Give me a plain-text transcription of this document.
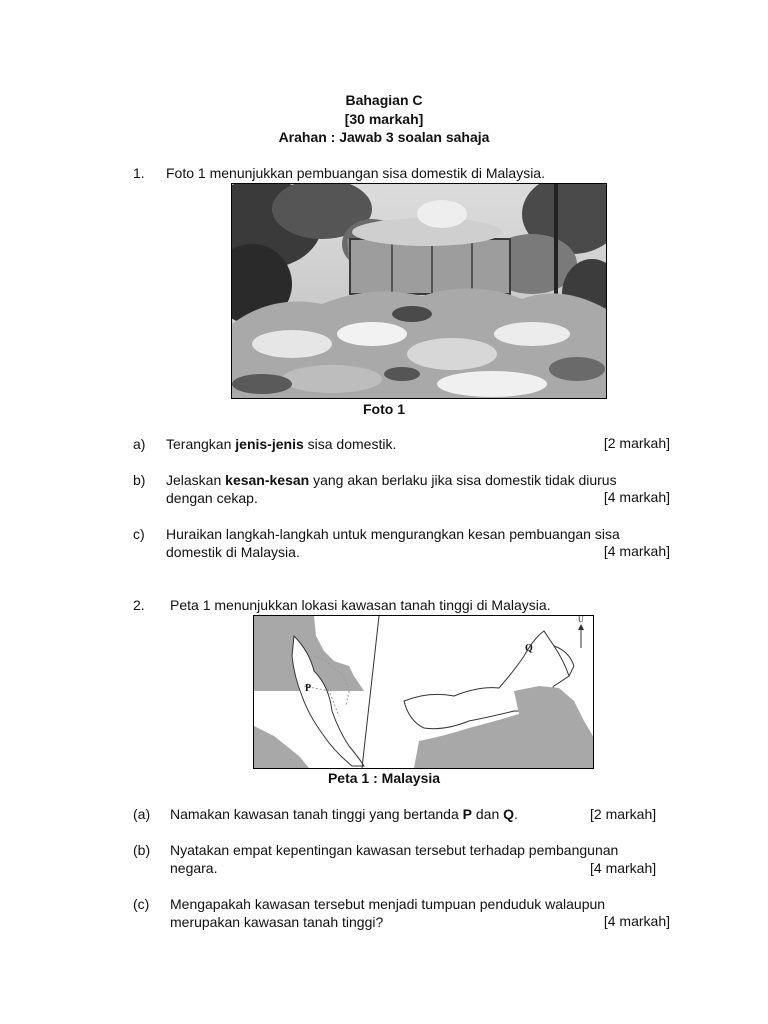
Bahagian C
[30 markah]
Arahan : Jawab 3 soalan sahaja
1. Foto 1 menunjukkan pembuangan sisa domestik di Malaysia.
Foto 1
a) Terangkan jenis-jenis sisa domestik.	[2 markah]
b) Jelaskan kesan-kesan yang akan berlaku jika sisa domestik tidak diurus
dengan cekap.	[4 markah]
c) Huraikan langkah-langkah untuk mengurangkan kesan pembuangan sisa
domestik di Malaysia.	[4 markah]
2. Peta 1 menunjukkan lokasi kawasan tanah tinggi di Malaysia.
P
Q
U
Peta 1 : Malaysia
(a) Namakan kawasan tanah tinggi yang bertanda P dan Q.	[2 markah]
(b) Nyatakan empat kepentingan kawasan tersebut terhadap pembangunan
negara.	[4 markah]
(c) Mengapakah kawasan tersebut menjadi tumpuan penduduk walaupun
merupakan kawasan tanah tinggi?	[4 markah]
